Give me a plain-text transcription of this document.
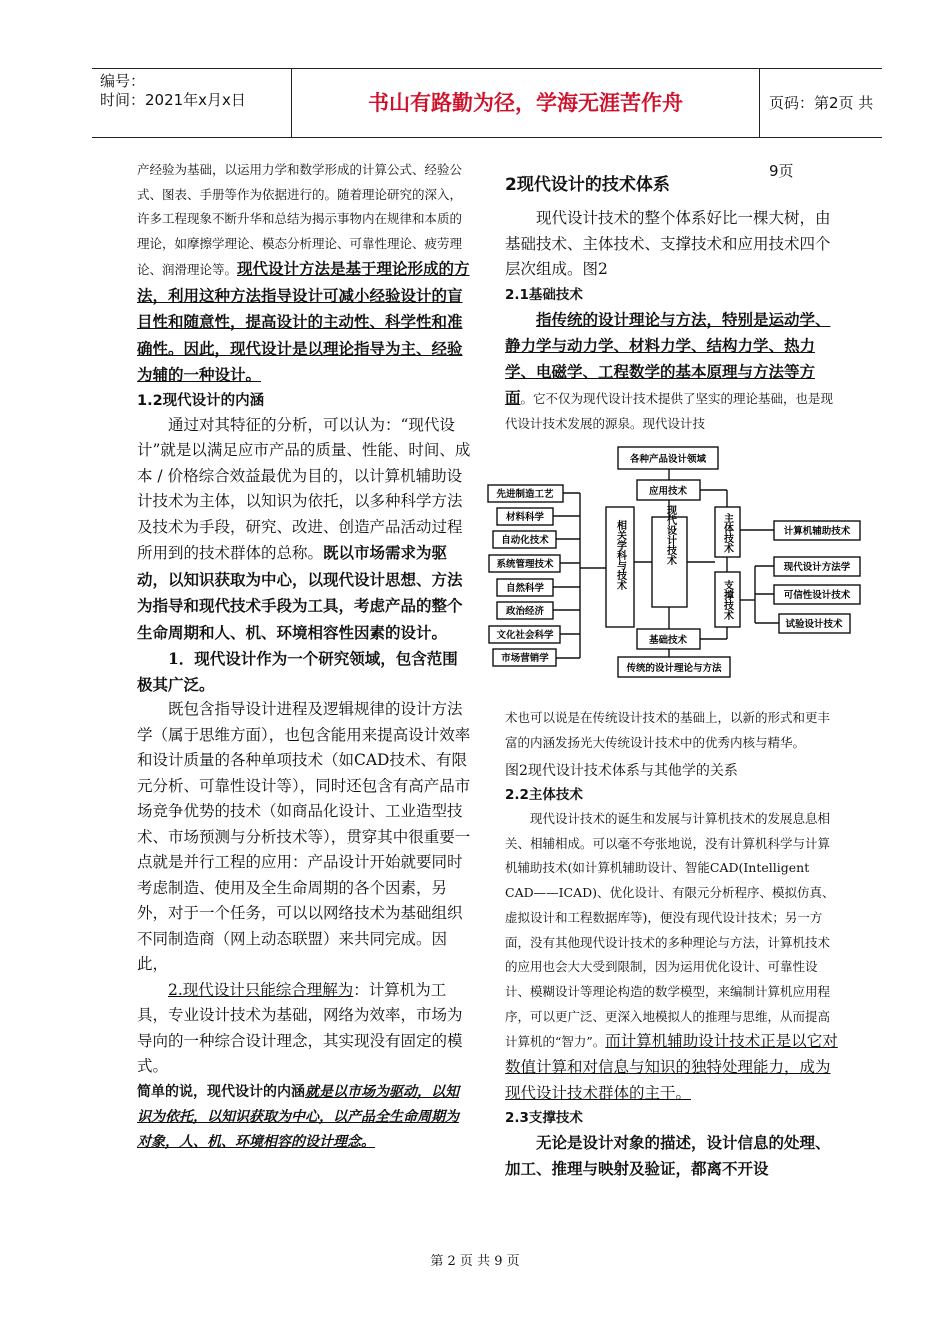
编号：
时间：2021年x月x日	书山有路勤为径，学海无涯苦作舟	页码：第2页 共9页

产经验为基础，以运用力学和数学形成的计算公式、经验公式、图表、手册等作为依据进行的。随着理论研究的深入，许多工程现象不断升华和总结为揭示事物内在规律和本质的理论，如摩擦学理论、模态分析理论、可靠性理论、疲劳理论、润滑理论等。现代设计方法是基于理论形成的方法，利用这种方法指导设计可减小经验设计的盲目性和随意性，提高设计的主动性、科学性和准确性。因此，现代设计是以理论指导为主、经验为辅的一种设计。

1.2现代设计的内涵

通过对其特征的分析，可以认为：“现代设计”就是以满足应市产品的质量、性能、时间、成本 / 价格综合效益最优为目的，以计算机辅助设计技术为主体，以知识为依托，以多种科学方法及技术为手段，研究、改进、创造产品活动过程所用到的技术群体的总称。既以市场需求为驱动，以知识获取为中心，以现代设计思想、方法为指导和现代技术手段为工具，考虑产品的整个生命周期和人、机、环境相容性因素的设计。

1．现代设计作为一个研究领域，包含范围极其广泛。

既包含指导设计进程及逻辑规律的设计方法学（属于思维方面），也包含能用来提高设计效率和设计质量的各种单项技术（如CAD技术、有限元分析、可靠性设计等），同时还包含有高产品市场竞争优势的技术（如商品化设计、工业造型技术、市场预测与分析技术等），贯穿其中很重要一点就是并行工程的应用：产品设计开始就要同时考虑制造、使用及全生命周期的各个因素，另外，对于一个任务，可以以网络技术为基础组织不同制造商（网上动态联盟）来共同完成。因此，

2.现代设计只能综合理解为：计算机为工具，专业设计技术为基础，网络为效率，市场为导向的一种综合设计理念，其实现没有固定的模式。

简单的说，现代设计的内涵就是以市场为驱动，以知识为依托，以知识获取为中心，以产品全生命周期为对象，人、机、环境相容的设计理念。

2现代设计的技术体系

现代设计技术的整个体系好比一棵大树，由基础技术、主体技术、支撑技术和应用技术四个层次组成。图2

2.1基础技术

指传统的设计理论与方法，特别是运动学、静力学与动力学、材料力学、结构力学、热力学、电磁学、工程数学的基本原理与方法等方面。它不仅为现代设计技术提供了坚实的理论基础，也是现代设计技术发展的源泉。现代设计技

各种产品设计领域
应用技术
基础技术
传统的设计理论与方法
现代设计技术
相关学科与技术	主体技术
支撑技术
先进制造工艺
材料科学
自动化技术
系统管理技术
自然科学
政治经济
文化社会科学
市场营销学
计算机辅助技术
现代设计方法学
可信性设计技术
试验设计技术

术也可以说是在传统设计技术的基础上，以新的形式和更丰富的内涵发扬光大传统设计技术中的优秀内核与精华。

图2现代设计技术体系与其他学的关系

2.2主体技术

现代设计技术的诞生和发展与计算机技术的发展息息相关、相辅相成。可以毫不夸张地说，没有计算机科学与计算机辅助技术(如计算机辅助设计、智能CAD(Intelligent CAD——ICAD)、优化设计、有限元分析程序、模拟仿真、虚拟设计和工程数据库等)，便没有现代设计技术；另一方面，没有其他现代设计技术的多种理论与方法，计算机技术的应用也会大大受到限制，因为运用优化设计、可靠性设计、模糊设计等理论构造的数学模型，来编制计算机应用程序，可以更广泛、更深入地模拟人的推理与思维，从而提高计算机的“智力”。而计算机辅助设计技术正是以它对数值计算和对信息与知识的独特处理能力，成为现代设计技术群体的主干。

2.3支撑技术

无论是设计对象的描述，设计信息的处理、加工、推理与映射及验证，都离不开设

第 2 页 共 9 页
